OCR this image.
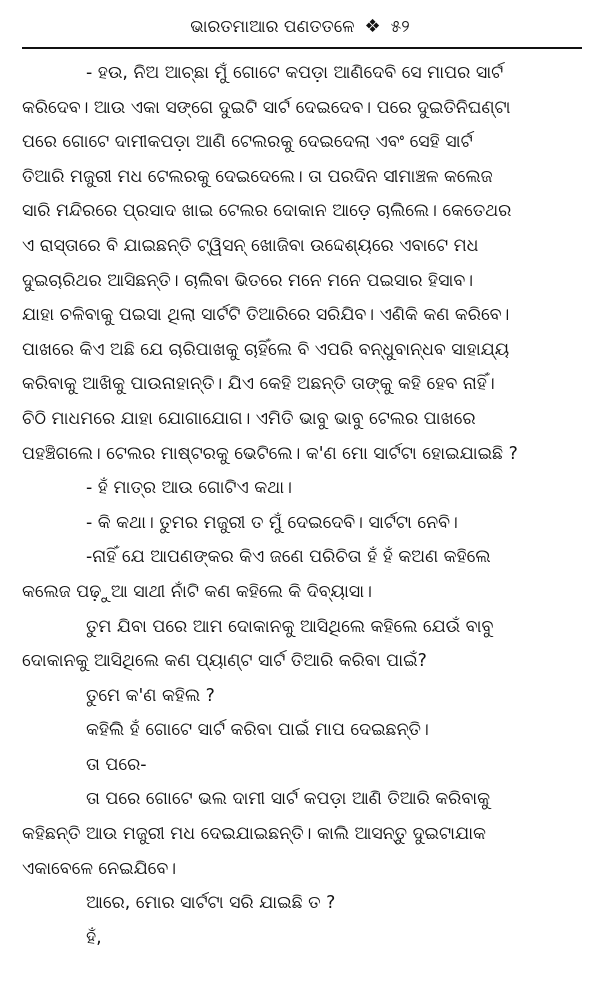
ଭାରତମାଆର ପଣତତଳେ ❖ ୫୨
- ହଉ, ନିଅ ଆଚ୍ଛା ମୁଁ ଗୋଟେ କପଡ଼ା ଆଣିଦେବି ସେ ମାପର ସାର୍ଟ
କରିଦେବ। ଆଉ ଏକା ସଙ୍ଗେ ଦୁଇଟି ସାର୍ଟ ଦେଇଦେବ। ପରେ ଦୁଇତିନିଘଣ୍ଟା
ପରେ ଗୋଟେ ଦାମୀକପଡ଼ା ଆଣି ଟେଲରକୁ ଦେଇଦେଲା ଏବଂ ସେହି ସାର୍ଟ
ତିଆରି ମଜୁରୀ ମଧ ଟେଲରକୁ ଦେଇଦେଲେ। ତା ପରଦିନ ସୀମାଞ୍ଚଳ କଲେଜ
ସାରି ମନ୍ଦିରରେ ପ୍ରସାଦ ଖାଇ ଟେଲର ଦୋକାନ ଆଡ଼େ ଚାଲିଲେ। କେତେଥର
ଏ ରାସ୍ତାରେ ବି ଯାଇଛନ୍ତି ଟ୍ୱିସନ୍ ଖୋଜିବା ଉଦ୍ଦେଶ୍ୟରେ ଏବାଟେ ମଧ
ଦୁଇଚାରିଥର ଆସିଛନ୍ତି। ଚାଲିବା ଭିତରେ ମନେ ମନେ ପଇସାର ହିସାବ।
ଯାହା ଚଳିବାକୁ ପଇସା ଥିଲା ସାର୍ଟଟି ତିଆରିରେ ସରିଯିବ। ଏଣିକି କଣ କରିବେ।
ପାଖରେ କିଏ ଅଛି ଯେ ଚାରିପାଖକୁ ଚାହିଁଲେ ବି ଏପରି ବନ୍ଧୁବାନ୍ଧବ ସାହାଯ୍ୟ
କରିବାକୁ ଆଖିକୁ ପାଉନାହାନ୍ତି। ଯିଏ କେହି ଅଛନ୍ତି ତାଙ୍କୁ କହି ହେବ ନାହିଁ।
ଚିଠି ମାଧମରେ ଯାହା ଯୋଗାଯୋଗ। ଏମିତି ଭାବୁ ଭାବୁ ଟେଲର ପାଖରେ
ପହଞ୍ଚିଗଲେ। ଟେଲର ମାଷ୍ଟରକୁ ଭେଟିଲେ। କ'ଣ ମୋ ସାର୍ଟଟା ହୋଇଯାଇଛି ?
- ହଁ ମାତ୍ର ଆଉ ଗୋଟିଏ କଥା।
- କି କଥା। ତୁମର ମଜୁରୀ ତ ମୁଁ ଦେଇଦେବି। ସାର୍ଟଟା ନେବି।
-ନାହିଁ ଯେ ଆପଣଙ୍କର କିଏ ଜଣେ ପରିଚିତା ହଁ ହଁ କଅଣ କହିଲେ
କଲେଜ ପଢ଼ୁଆ ସାଥୀ ନାଁଟି କଣ କହିଲେ କି ଦିବ୍ୟାସା।
ତୁମ ଯିବା ପରେ ଆମ ଦୋକାନକୁ ଆସିଥିଲେ କହିଲେ ଯେଉଁ ବାବୁ
ଦୋକାନକୁ ଆସିଥିଲେ କଣ ପ୍ୟାଣ୍ଟ ସାର୍ଟ ତିଆରି କରିବା ପାଇଁ?
ତୁମେ କ'ଣ କହିଲ ?
କହିଲି ହଁ ଗୋଟେ ସାର୍ଟ କରିବା ପାଇଁ ମାପ ଦେଇଛନ୍ତି।
ତା ପରେ-
ତା ପରେ ଗୋଟେ ଭଲ ଦାମୀ ସାର୍ଟ କପଡ଼ା ଆଣି ତିଆରି କରିବାକୁ
କହିଛନ୍ତି ଆଉ ମଜୁରୀ ମଧ ଦେଇଯାଇଛନ୍ତି। କାଲି ଆସନ୍ତୁ ଦୁଇଟାଯାକ
ଏକାବେଳେ ନେଇଯିବେ।
ଆରେ, ମୋର ସାର୍ଟଟା ସରି ଯାଇଛି ତ ?
ହଁ,
